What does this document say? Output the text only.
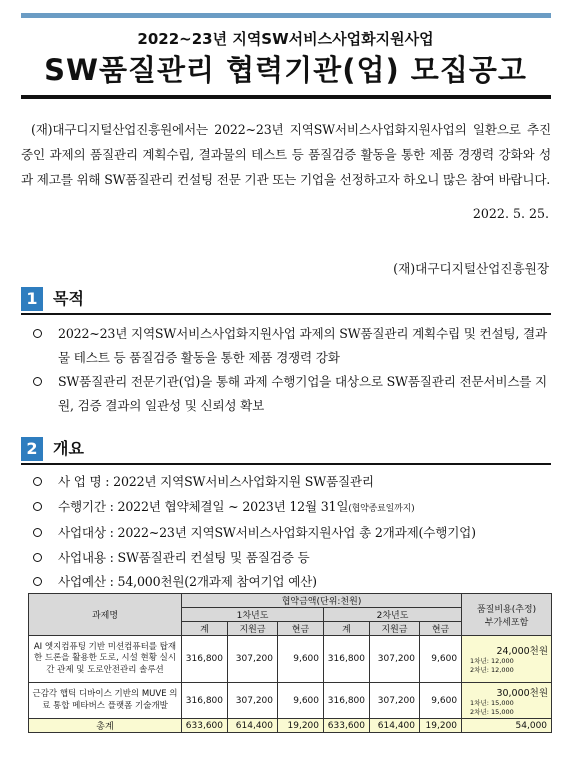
2022~23년 지역SW서비스사업화지원사업
SW품질관리 협력기관(업) 모집공고
(재)대구디지털산업진흥원에서는 2022~23년 지역SW서비스사업화지원사업의 일환으로 추진중인 과제의 품질관리 계획수립, 결과물의 테스트 등 품질검증 활동을 통한 제품 경쟁력 강화와 성과 제고를 위해 SW품질관리 컨설팅 전문 기관 또는 기업을 선정하고자 하오니 많은 참여 바랍니다.
2022. 5. 25.
(재)대구디지털산업진흥원장
1 목적
2022~23년 지역SW서비스사업화지원사업 과제의 SW품질관리 계획수립 및 컨설팅, 결과물 테스트 등 품질검증 활동을 통한 제품 경쟁력 강화
SW품질관리 전문기관(업)을 통해 과제 수행기업을 대상으로 SW품질관리 전문서비스를 지원, 검증 결과의 일관성 및 신뢰성 확보
2 개요
사 업 명 : 2022년 지역SW서비스사업화지원 SW품질관리
수행기간 : 2022년 협약체결일 ~ 2023년 12월 31일(협약종료일까지)
사업대상 : 2022~23년 지역SW서비스사업화지원사업 총 2개과제(수행기업)
사업내용 : SW품질관리 컨설팅 및 품질검증 등
사업예산 : 54,000천원(2개과제 참여기업 예산)
과제명	협약금액(단위:천원)						품질비용(추정)
부가세포함

	1차년도			2차년도			
	계	지원금	현금	계	지원금	현금	
AI 엣지컴퓨팅 기반 미션컴퓨터를 탑재한 드론을 활용한 도로, 시설 현황 실시간 관제 및 도로안전관리 솔루션	316,800	307,200	9,600	316,800	307,200	9,600	24,000천원
1차년: 12,000
2차년: 12,000

근감각 햅틱 디바이스 기반의 MUVE 의료 통합 메타버스 플랫폼 기술개발	316,800	307,200	9,600	316,800	307,200	9,600	30,000천원
1차년: 15,000
2차년: 15,000

총계	633,600	614,400	19,200	633,600	614,400	19,200	54,000
